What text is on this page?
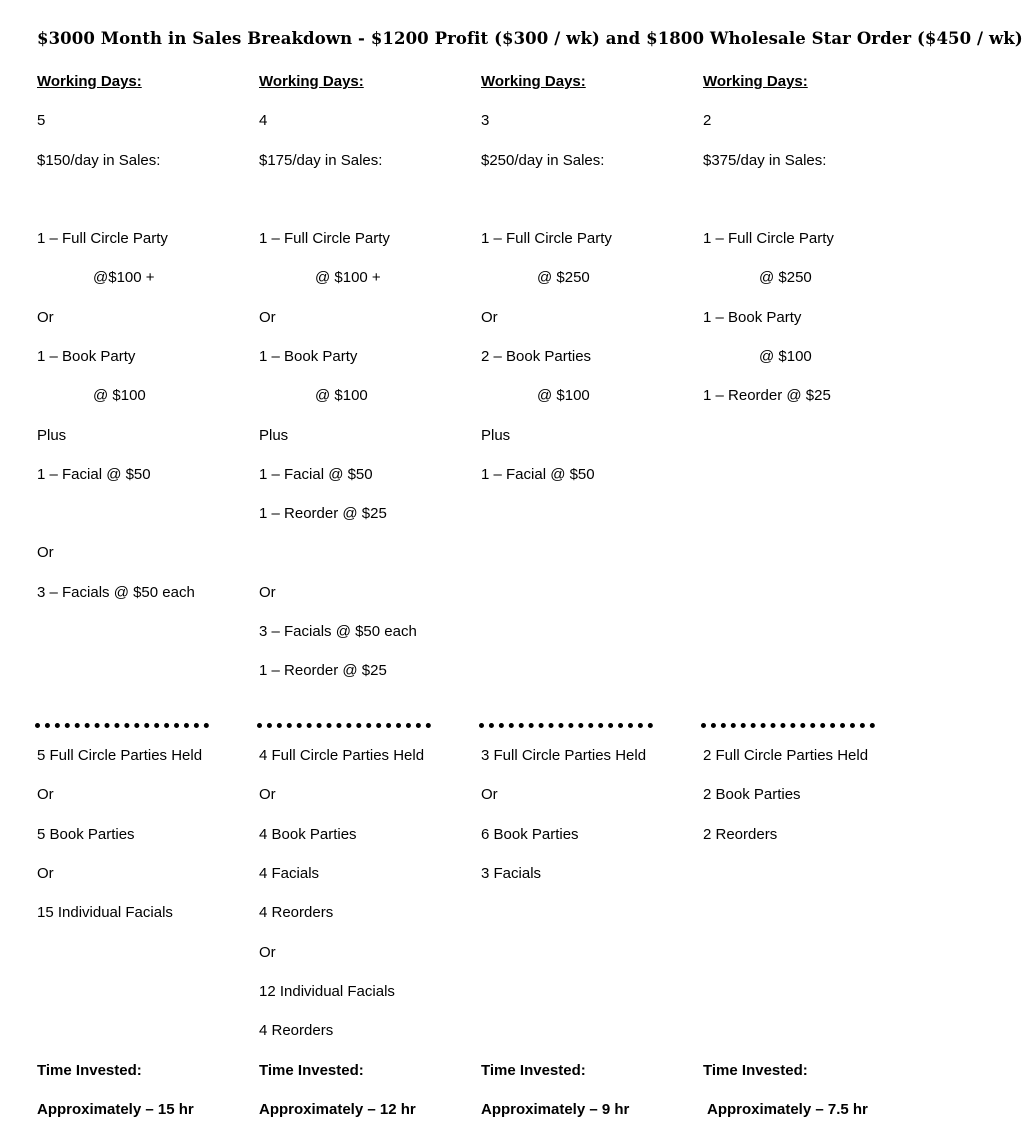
$3000 Month in Sales Breakdown - $1200 Profit ($300 / wk) and $1800 Wholesale Star Order ($450 / wk)
Working Days:
5
$150/day in Sales:
1 – Full Circle Party
@$100 +
Or
1 – Book Party
@ $100
Plus
1 – Facial @ $50
Or
3 – Facials @ $50 each
5 Full Circle Parties Held
Or
5 Book Parties
Or
15 Individual Facials
Time Invested:
Approximately – 15 hr
Working Days:
4
$175/day in Sales:
1 – Full Circle Party
@ $100 +
Or
1 – Book Party
@ $100
Plus
1 – Facial @ $50
1 – Reorder @ $25
Or
3 – Facials @ $50 each
1 – Reorder @ $25
4 Full Circle Parties Held
Or
4 Book Parties
4 Facials
4 Reorders
Or
12 Individual Facials
4 Reorders
Time Invested:
Approximately – 12 hr
Working Days:
3
$250/day in Sales:
1 – Full Circle Party
@ $250
Or
2 – Book Parties
@ $100
Plus
1 – Facial @ $50
3 Full Circle Parties Held
Or
6 Book Parties
3 Facials
Time Invested:
Approximately – 9 hr
Working Days:
2
$375/day in Sales:
1 – Full Circle Party
@ $250
1 – Book Party
@ $100
1 – Reorder @ $25
2 Full Circle Parties Held
2 Book Parties
2 Reorders
Time Invested:
Approximately – 7.5 hr
